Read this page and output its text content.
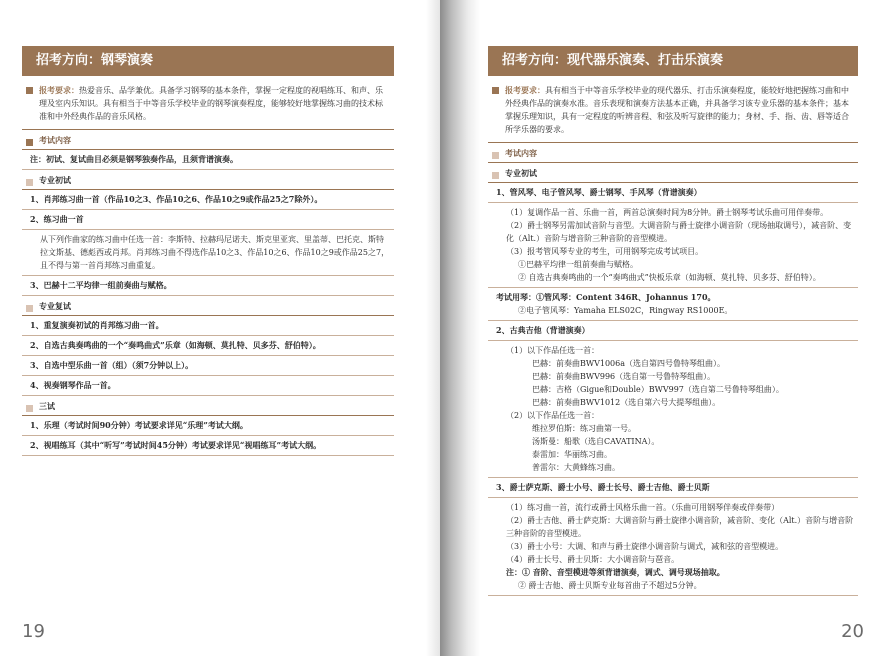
招考方向：钢琴演奏
报考要求：热爱音乐、品学兼优。具备学习钢琴的基本条件，掌握一定程度的视唱练耳、和声、乐理及室内乐知识。具有相当于中等音乐学校毕业的钢琴演奏程度，能够较好地掌握练习曲的技术标准和中外经典作品的音乐风格。
考试内容
注：初试、复试曲目必须是钢琴独奏作品，且须背谱演奏。
专业初试
1、肖邦练习曲一首（作品10之3、作品10之6、作品10之9或作品25之7除外）。
2、练习曲一首
从下列作曲家的练习曲中任选一首：李斯特、拉赫玛尼诺夫、斯克里亚宾、里盖蒂、巴托克、斯特拉文斯基、德彪西或肖邦。肖邦练习曲不得选作品10之3、作品10之6、作品10之9或作品25之7，且不得与第一首肖邦练习曲重复。
3、巴赫十二平均律一组前奏曲与赋格。
专业复试
1、重复演奏初试的肖邦练习曲一首。
2、自选古典奏鸣曲的一个“奏鸣曲式”乐章（如海顿、莫扎特、贝多芬、舒伯特）。
3、自选中型乐曲一首（组）（须7分钟以上）。
4、视奏钢琴作品一首。
三试
1、乐理（考试时间90分钟）考试要求详见“乐理”考试大纲。
2、视唱练耳（其中“听写”考试时间45分钟）考试要求详见“视唱练耳”考试大纲。
19
招考方向：现代器乐演奏、打击乐演奏
报考要求：具有相当于中等音乐学校毕业的现代器乐、打击乐演奏程度，能较好地把握练习曲和中外经典作品的演奏水准。音乐表现和演奏方法基本正确，并具备学习该专业乐器的基本条件；基本掌握乐理知识，具有一定程度的听辨音程、和弦及听写旋律的能力；身材、手、指、齿、唇等适合所学乐器的要求。
考试内容
专业初试
1、管风琴、电子管风琴、爵士钢琴、手风琴（背谱演奏）
（1）复调作品一首、乐曲一首，两首总演奏时间为8分钟。爵士钢琴考试乐曲可用伴奏带。
（2）爵士钢琴另需加试音阶与音型。大调音阶与爵士旋律小调音阶（现场抽取调号），减音阶、变化（Alt.）音阶与增音阶三种音阶的音型模进。
（3）报考管风琴专业的考生，可用钢琴完成考试项目。
①巴赫平均律一组前奏曲与赋格。
② 自选古典奏鸣曲的一个“奏鸣曲式”快板乐章（如海顿、莫扎特、贝多芬、舒伯特）。
考试用琴：①管风琴：Content 346R、Johannus 170。
②电子管风琴：Yamaha ELS02C，Ringway RS1000E。
2、古典吉他（背谱演奏）
（1）以下作品任选一首：
巴赫：前奏曲BWV1006a（选自第四号鲁特琴组曲）。
巴赫：前奏曲BWV996（选自第一号鲁特琴组曲）。
巴赫：吉格（Gigue和Double）BWV997（选自第二号鲁特琴组曲）。
巴赫：前奏曲BWV1012（选自第六号大提琴组曲）。
（2）以下作品任选一首：
维拉罗伯斯：练习曲第一号。
汤斯曼：船歌（选自CAVATINA）。
泰雷加：华丽练习曲。
普雷尔：大黄蜂练习曲。
3、爵士萨克斯、爵士小号、爵士长号、爵士吉他、爵士贝斯
（1）练习曲一首，流行或爵士风格乐曲一首。（乐曲可用钢琴伴奏或伴奏带）
（2）爵士吉他、爵士萨克斯：大调音阶与爵士旋律小调音阶，减音阶、变化（Alt.）音阶与增音阶三种音阶的音型模进。
（3）爵士小号：大调、和声与爵士旋律小调音阶与调式，减和弦的音型模进。
（4）爵士长号、爵士贝斯：大小调音阶与琶音。
注：① 音阶、音型模进等须背谱演奏，调式、调号现场抽取。
② 爵士吉他、爵士贝斯专业每首曲子不超过5分钟。
20
